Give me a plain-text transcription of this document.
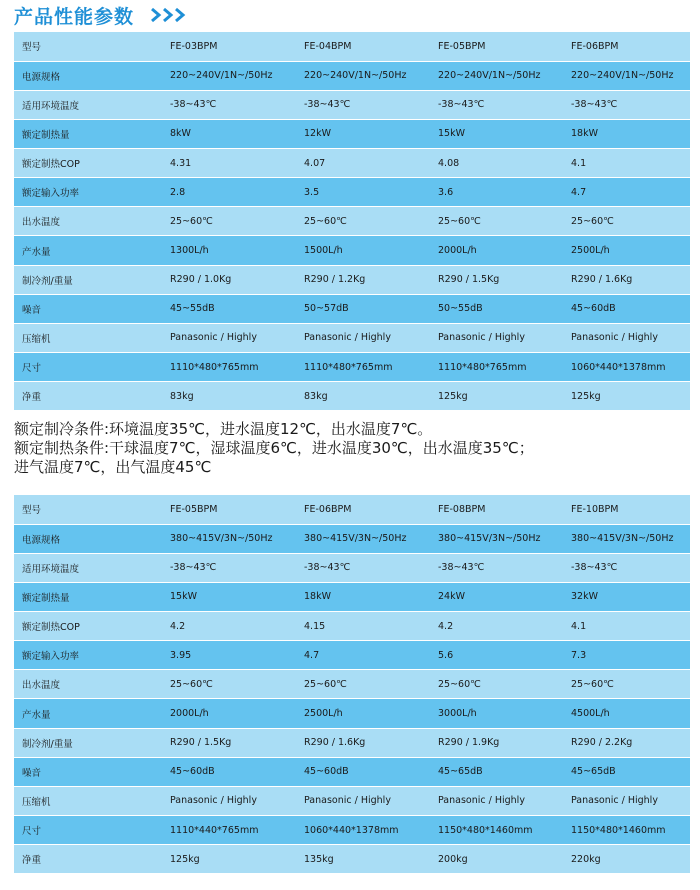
产品性能参数
型号	FE-03BPM	FE-04BPM	FE-05BPM	FE-06BPM
电源规格	220~240V/1N~/50Hz	220~240V/1N~/50Hz	220~240V/1N~/50Hz	220~240V/1N~/50Hz
适用环境温度	-38~43℃	-38~43℃	-38~43℃	-38~43℃
额定制热量	8kW	12kW	15kW	18kW
额定制热COP	4.31	4.07	4.08	4.1
额定输入功率	2.8	3.5	3.6	4.7
出水温度	25~60℃	25~60℃	25~60℃	25~60℃
产水量	1300L/h	1500L/h	2000L/h	2500L/h
制冷剂/重量	R290 / 1.0Kg	R290 / 1.2Kg	R290 / 1.5Kg	R290 / 1.6Kg
噪音	45~55dB	50~57dB	50~55dB	45~60dB
压缩机	Panasonic / Highly	Panasonic / Highly	Panasonic / Highly	Panasonic / Highly
尺寸	1110*480*765mm	1110*480*765mm	1110*480*765mm	1060*440*1378mm
净重	83kg	83kg	125kg	125kg
额定制冷条件:环境温度35℃，进水温度12℃，出水温度7℃。
额定制热条件:干球温度7℃，湿球温度6℃，进水温度30℃，出水温度35℃；
进气温度7℃，出气温度45℃
型号	FE-05BPM	FE-06BPM	FE-08BPM	FE-10BPM
电源规格	380~415V/3N~/50Hz	380~415V/3N~/50Hz	380~415V/3N~/50Hz	380~415V/3N~/50Hz
适用环境温度	-38~43℃	-38~43℃	-38~43℃	-38~43℃
额定制热量	15kW	18kW	24kW	32kW
额定制热COP	4.2	4.15	4.2	4.1
额定输入功率	3.95	4.7	5.6	7.3
出水温度	25~60℃	25~60℃	25~60℃	25~60℃
产水量	2000L/h	2500L/h	3000L/h	4500L/h
制冷剂/重量	R290 / 1.5Kg	R290 / 1.6Kg	R290 / 1.9Kg	R290 / 2.2Kg
噪音	45~60dB	45~60dB	45~65dB	45~65dB
压缩机	Panasonic / Highly	Panasonic / Highly	Panasonic / Highly	Panasonic / Highly
尺寸	1110*440*765mm	1060*440*1378mm	1150*480*1460mm	1150*480*1460mm
净重	125kg	135kg	200kg	220kg
